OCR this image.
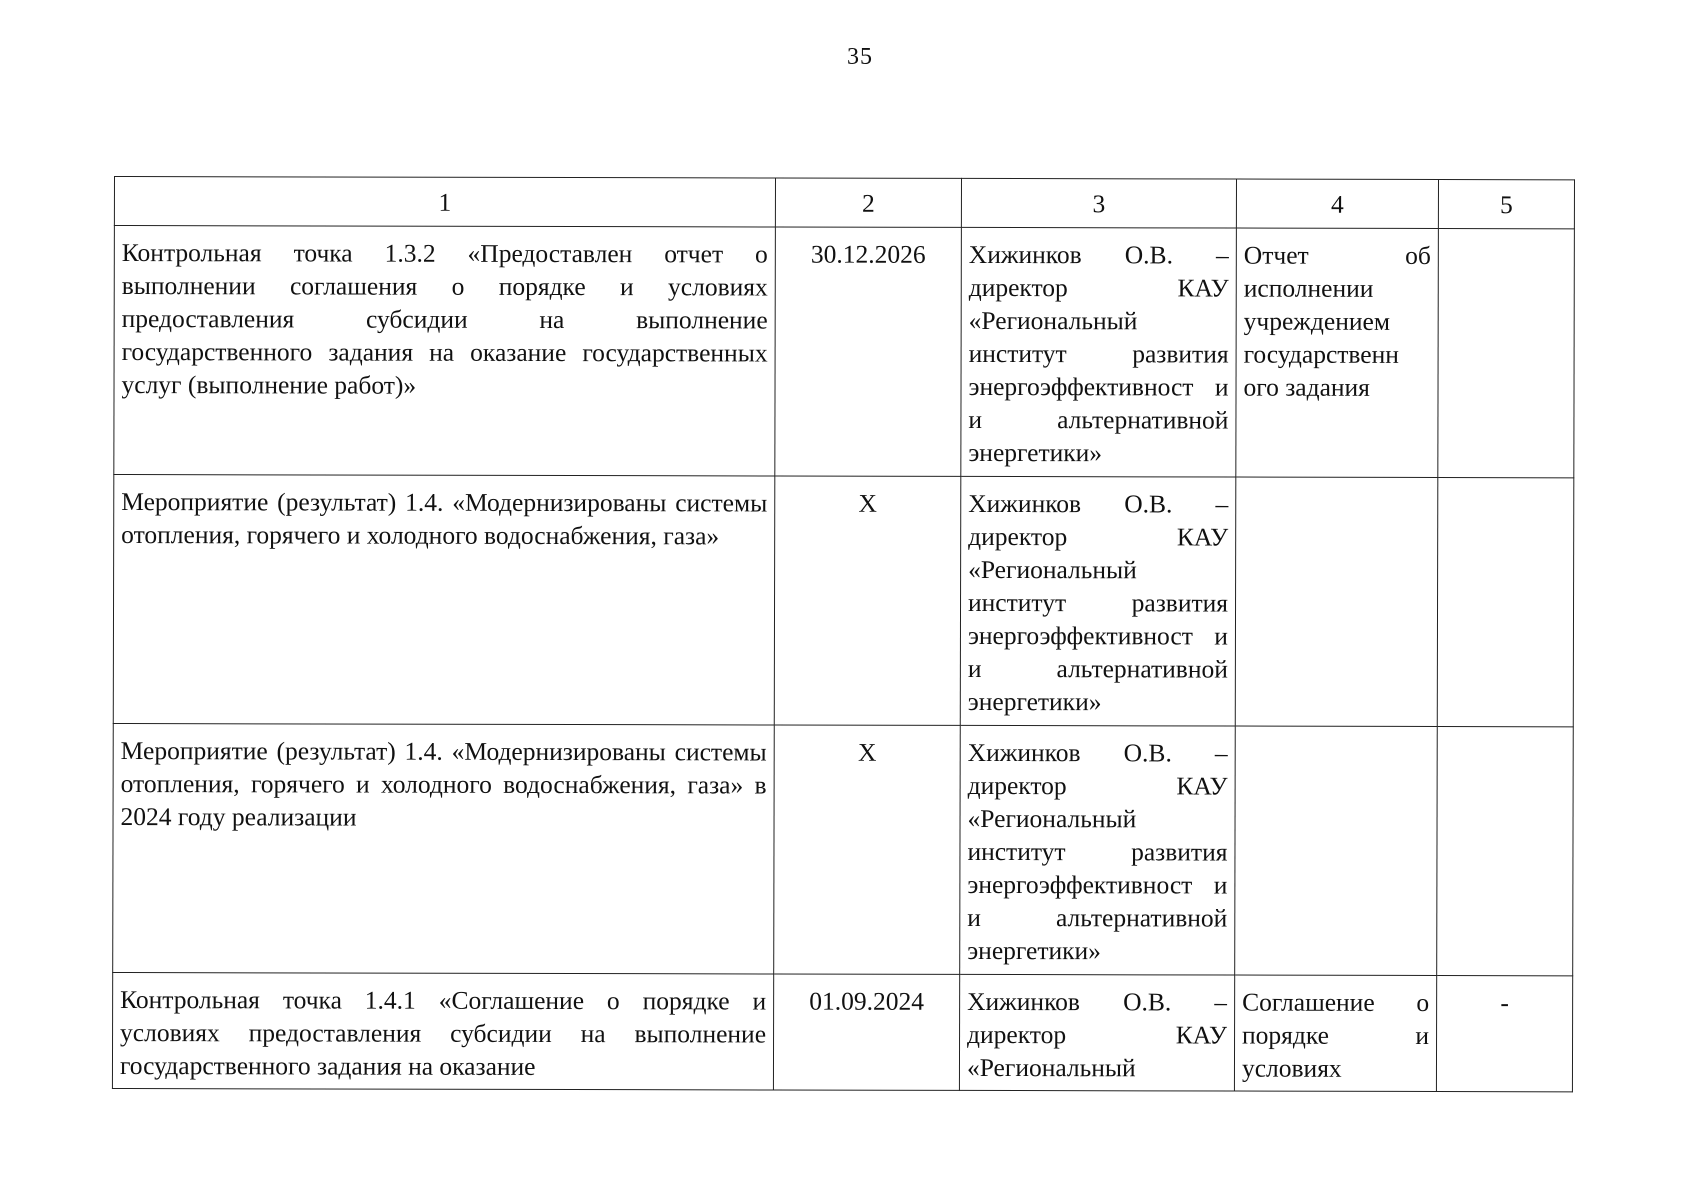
35
1	2	3	4	5
Контрольная точка 1.3.2 «Предоставлен отчет о выполнении соглашения о порядке и условиях предоставления субсидии на выполнение государственного задания на оказание государственных услуг (выполнение работ)»	30.12.2026	Хижинков О.В. – директор КАУ «Региональный институт развития энергоэффективност и и альтернативной энергетики»	Отчет об исполнении учреждением государственн ого задания	
Мероприятие (результат) 1.4. «Модернизированы системы отопления, горячего и холодного водоснабжения, газа»	X	Хижинков О.В. – директор КАУ «Региональный институт развития энергоэффективност и и альтернативной энергетики»		
Мероприятие (результат) 1.4. «Модернизированы системы отопления, горячего и холодного водоснабжения, газа» в 2024 году реализации	X	Хижинков О.В. – директор КАУ «Региональный институт развития энергоэффективност и и альтернативной энергетики»		

Контрольная точка 1.4.1 «Соглашение о порядке и условиях предоставления субсидии на выполнение государственного задания на оказание	01.09.2024	Хижинков О.В. – директор КАУ «Региональный	Соглашение о порядке и условиях	-
